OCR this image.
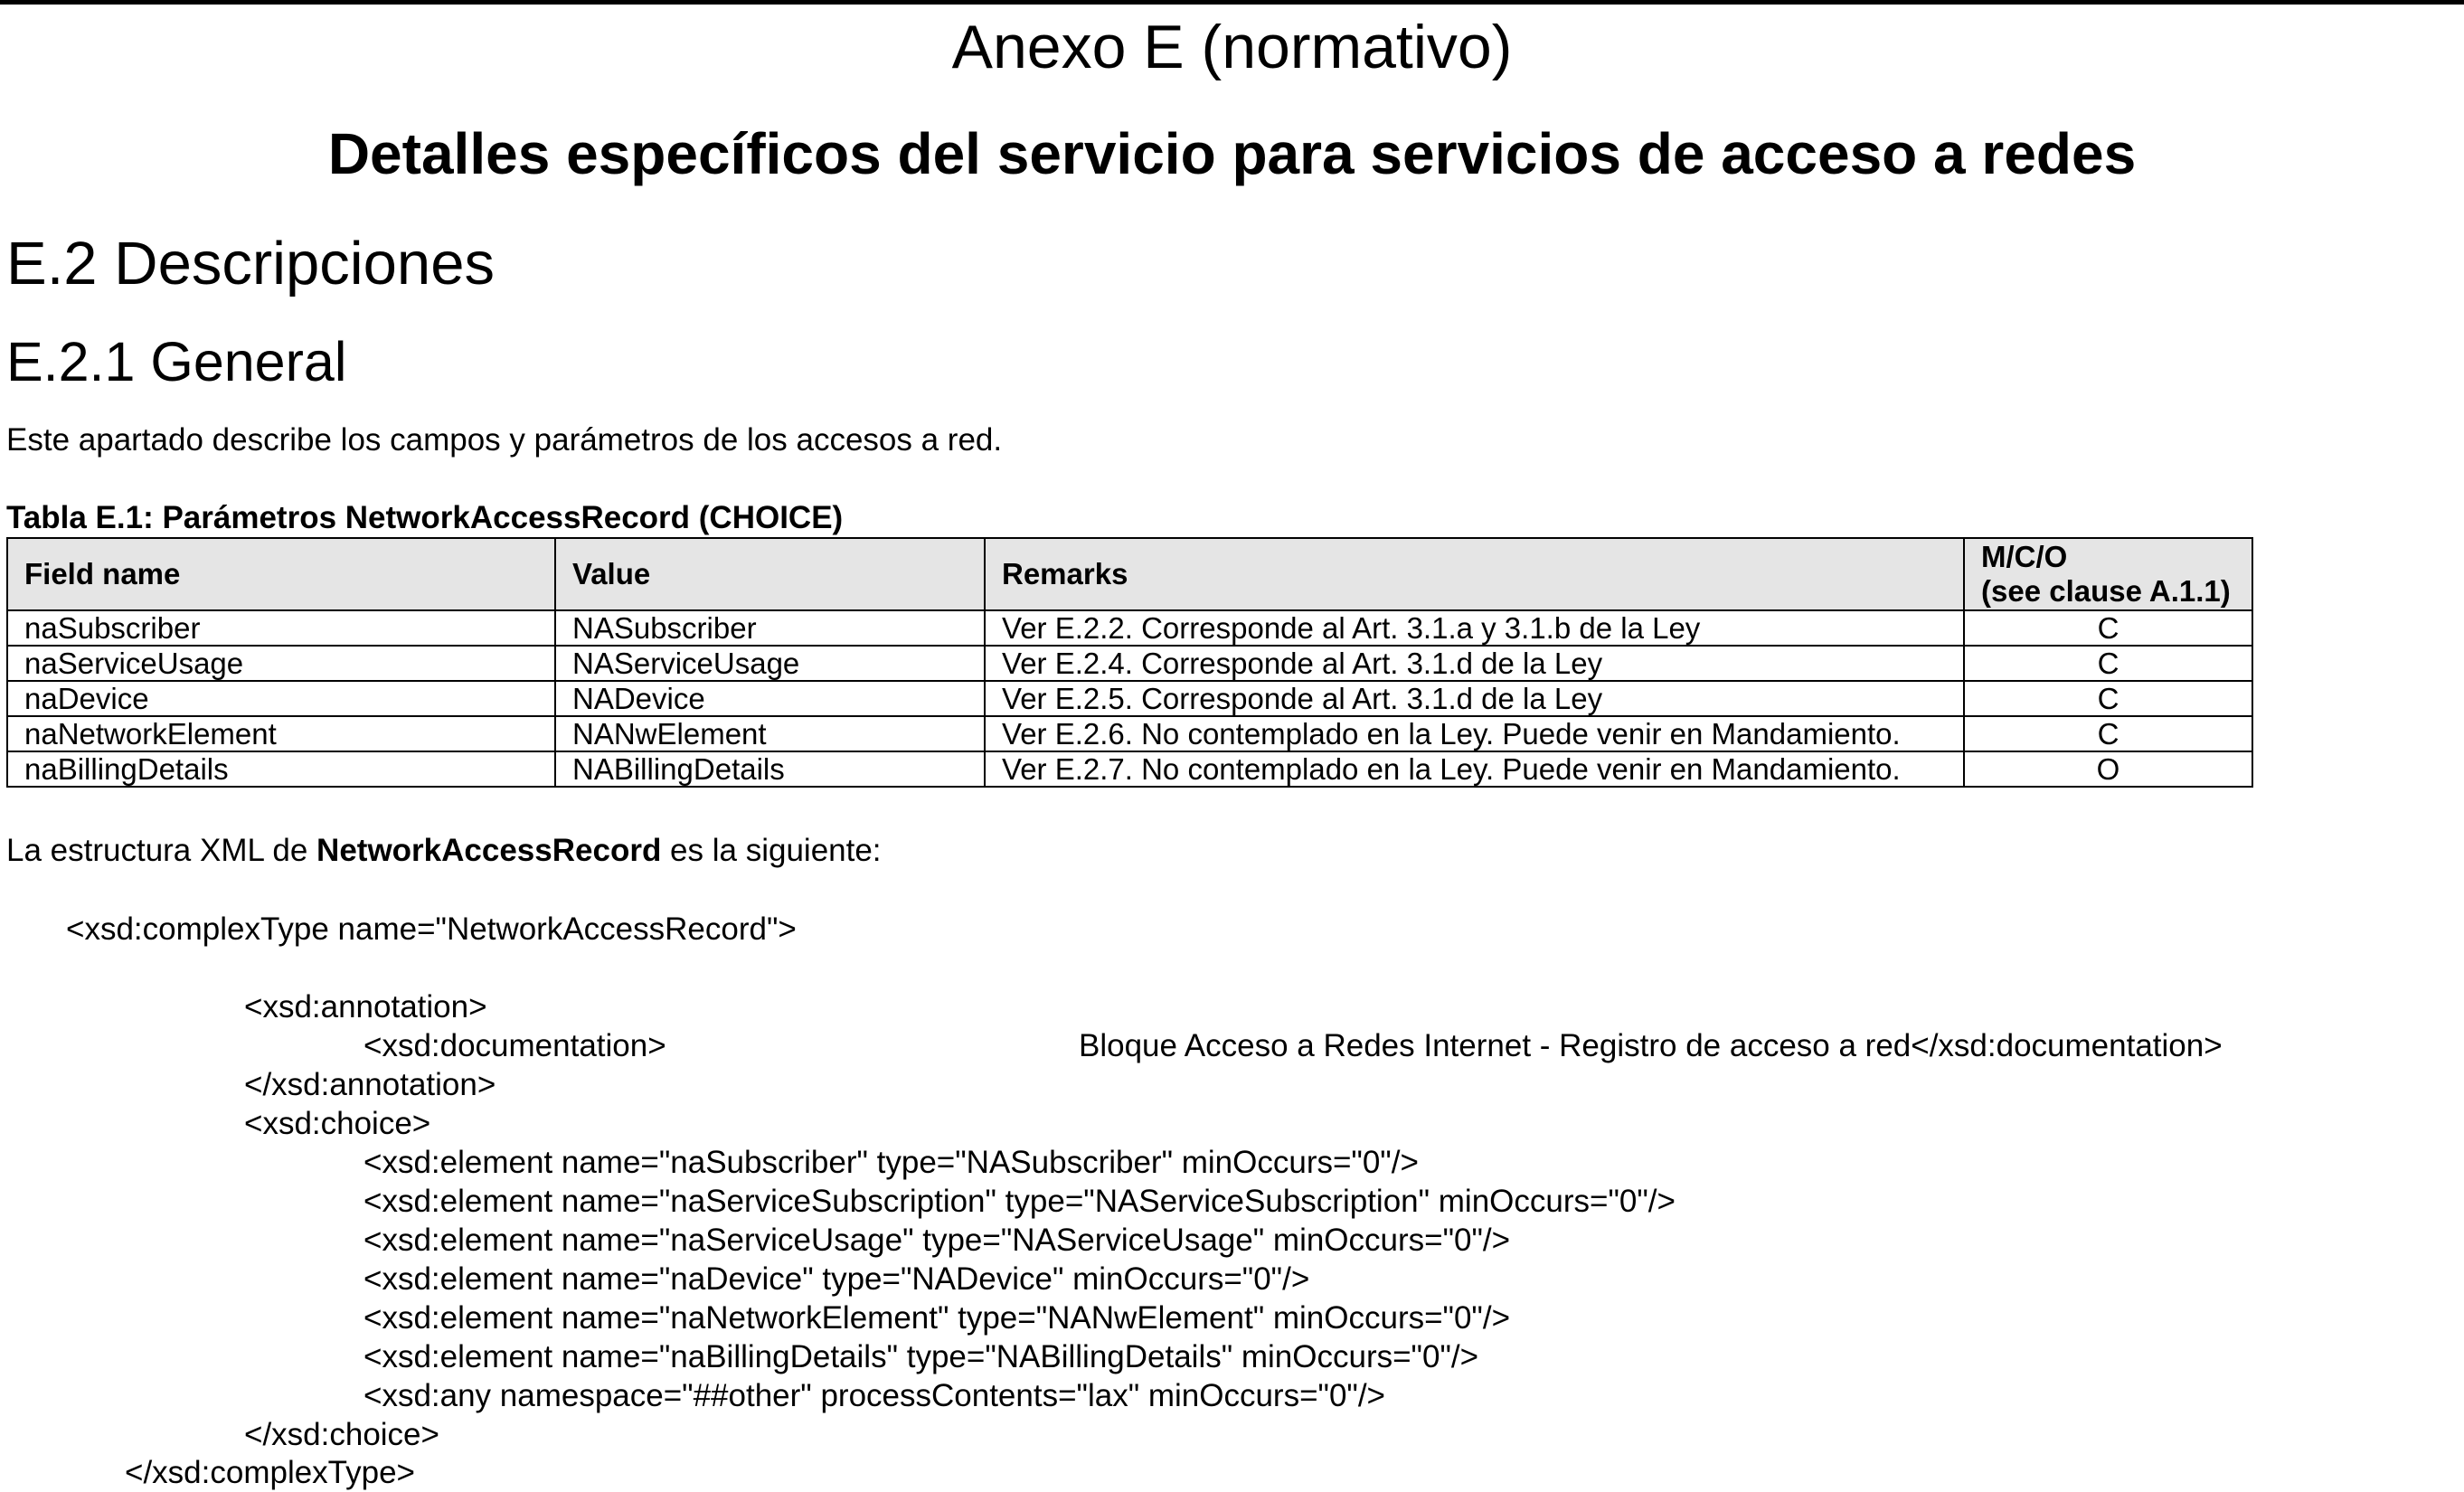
Anexo E (normativo)
Detalles específicos del servicio para servicios de acceso a redes
E.2 Descripciones
E.2.1 General
Este apartado describe los campos y parámetros de los accesos a red.
Tabla E.1: Parámetros NetworkAccessRecord (CHOICE)
Field name	Value	Remarks	M/C/O
(see clause A.1.1)

naSubscriber	NASubscriber	Ver E.2.2. Corresponde al Art. 3.1.a y 3.1.b de la Ley	C
naServiceUsage	NAServiceUsage	Ver E.2.4. Corresponde al Art. 3.1.d de la Ley	C
naDevice	NADevice	Ver E.2.5. Corresponde al Art. 3.1.d de la Ley	C
naNetworkElement	NANwElement	Ver E.2.6. No contemplado en la Ley. Puede venir en Mandamiento.	C
naBillingDetails	NABillingDetails	Ver E.2.7. No contemplado en la Ley. Puede venir en Mandamiento.	O
La estructura XML de NetworkAccessRecord es la siguiente:
<xsd:complexType name="NetworkAccessRecord">
<xsd:annotation>
<xsd:documentation>	Bloque Acceso a Redes Internet - Registro de acceso a red</xsd:documentation>
</xsd:annotation>
<xsd:choice>
<xsd:element name="naSubscriber" type="NASubscriber" minOccurs="0"/>
<xsd:element name="naServiceSubscription" type="NAServiceSubscription" minOccurs="0"/>
<xsd:element name="naServiceUsage" type="NAServiceUsage" minOccurs="0"/>
<xsd:element name="naDevice" type="NADevice" minOccurs="0"/>
<xsd:element name="naNetworkElement" type="NANwElement" minOccurs="0"/>
<xsd:element name="naBillingDetails" type="NABillingDetails" minOccurs="0"/>
<xsd:any namespace="##other" processContents="lax" minOccurs="0"/>
</xsd:choice>
</xsd:complexType>
